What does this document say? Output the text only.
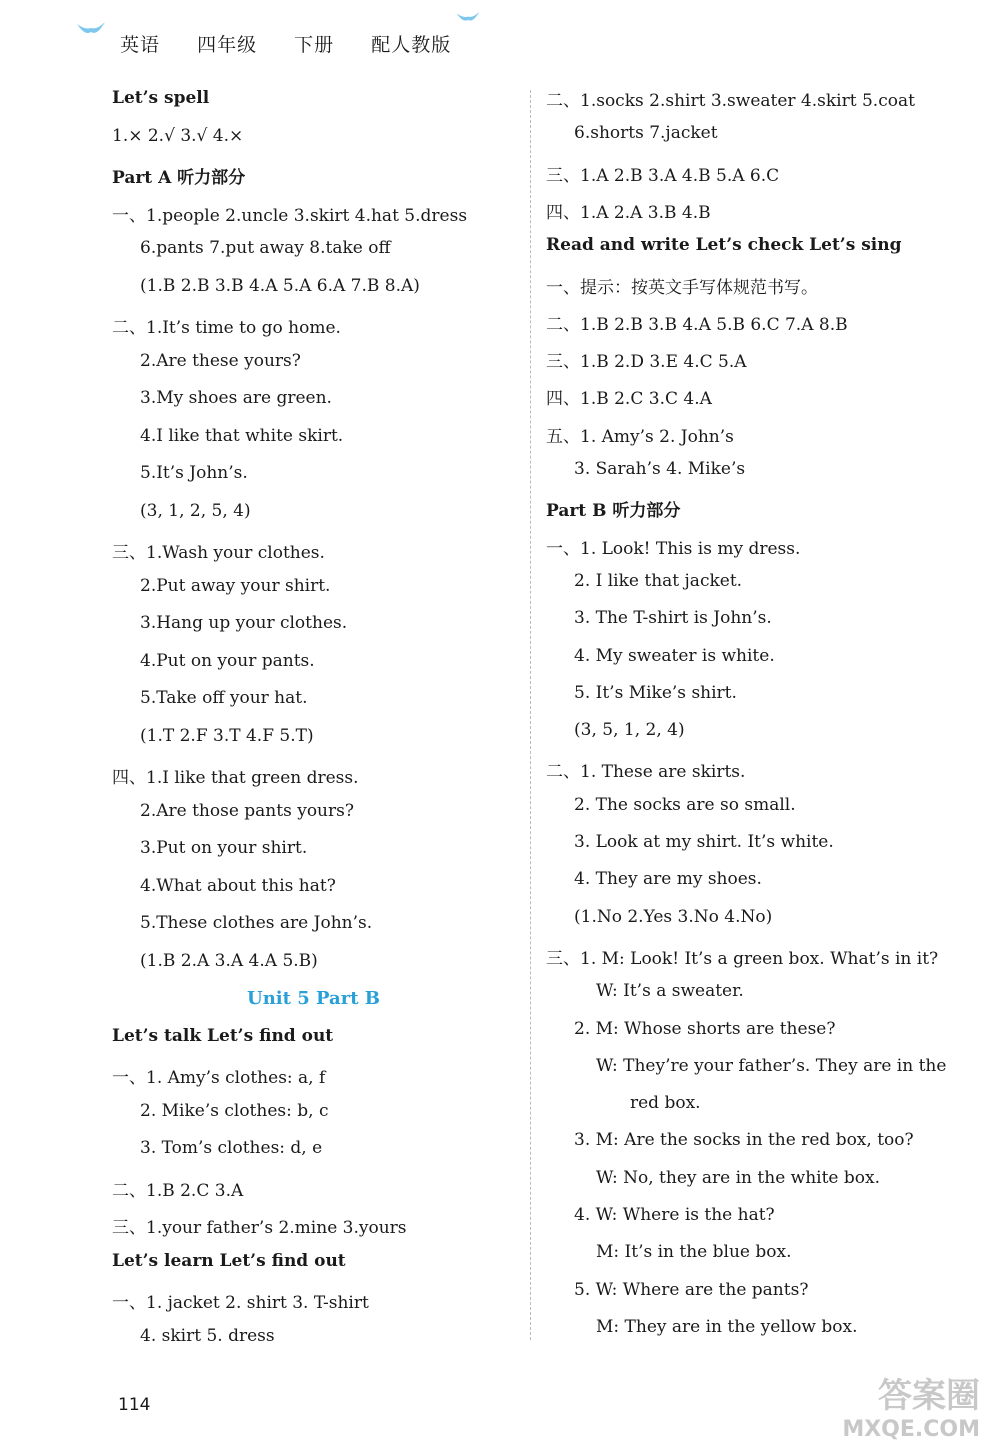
英语 四年级 下册 配人教版
Let’s spell
1.× 2.√ 3.√ 4.×
Part A 听力部分
一、1.people 2.uncle 3.skirt 4.hat 5.dress
6.pants 7.put away 8.take off
(1.B 2.B 3.B 4.A 5.A 6.A 7.B 8.A)
二、1.It’s time to go home.
2.Are these yours?
3.My shoes are green.
4.I like that white skirt.
5.It’s John’s.
(3, 1, 2, 5, 4)
三、1.Wash your clothes.
2.Put away your shirt.
3.Hang up your clothes.
4.Put on your pants.
5.Take off your hat.
(1.T 2.F 3.T 4.F 5.T)
四、1.I like that green dress.
2.Are those pants yours?
3.Put on your shirt.
4.What about this hat?
5.These clothes are John’s.
(1.B 2.A 3.A 4.A 5.B)
Unit 5 Part B
Let’s talk Let’s find out
一、1. Amy’s clothes: a, f
2. Mike’s clothes: b, c
3. Tom’s clothes: d, e
二、1.B 2.C 3.A
三、1.your father’s 2.mine 3.yours
Let’s learn Let’s find out
一、1. jacket 2. shirt 3. T-shirt
4. skirt 5. dress
二、1.socks 2.shirt 3.sweater 4.skirt 5.coat
6.shorts 7.jacket
三、1.A 2.B 3.A 4.B 5.A 6.C
四、1.A 2.A 3.B 4.B
Read and write Let’s check Let’s sing
一、提示：按英文手写体规范书写。
二、1.B 2.B 3.B 4.A 5.B 6.C 7.A 8.B
三、1.B 2.D 3.E 4.C 5.A
四、1.B 2.C 3.C 4.A
五、1. Amy’s 2. John’s
3. Sarah’s 4. Mike’s
Part B 听力部分
一、1. Look! This is my dress.
2. I like that jacket.
3. The T-shirt is John’s.
4. My sweater is white.
5. It’s Mike’s shirt.
(3, 5, 1, 2, 4)
二、1. These are skirts.
2. The socks are so small.
3. Look at my shirt. It’s white.
4. They are my shoes.
(1.No 2.Yes 3.No 4.No)
三、1. M: Look! It’s a green box. What’s in it?
W: It’s a sweater.
2. M: Whose shorts are these?
W: They’re your father’s. They are in the
red box.
3. M: Are the socks in the red box, too?
W: No, they are in the white box.
4. W: Where is the hat?
M: It’s in the blue box.
5. W: Where are the pants?
M: They are in the yellow box.
114	答案圈
MXQE.COM
